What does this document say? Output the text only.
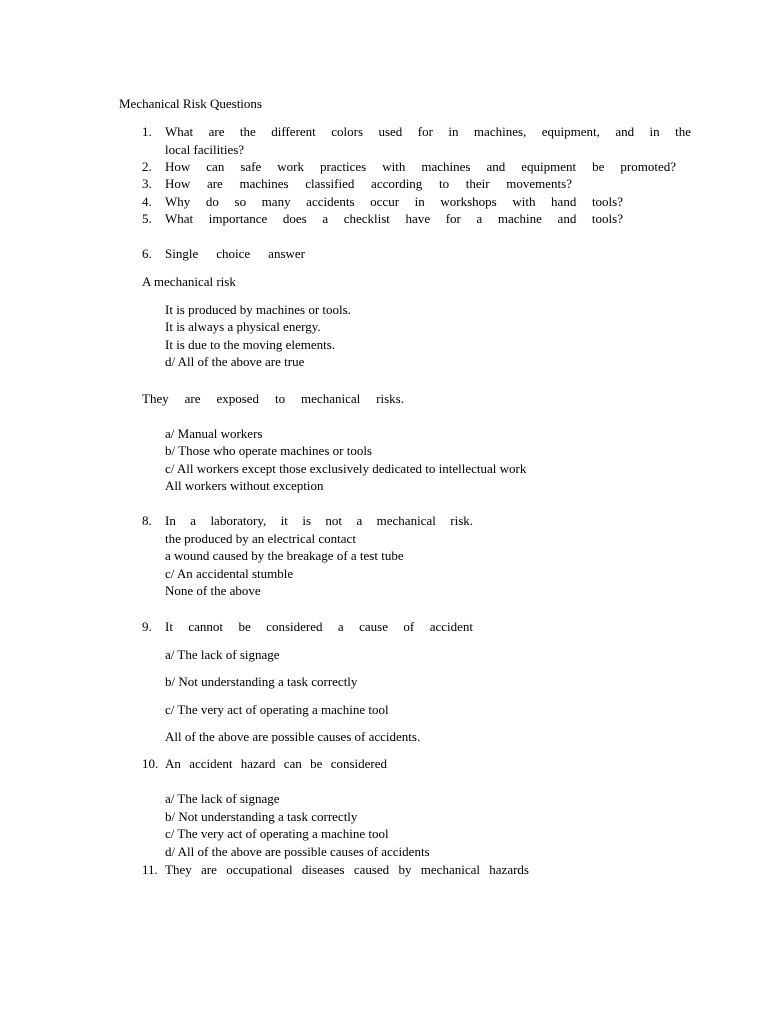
Mechanical Risk Questions
1.	What are the different colors used for in machines, equipment, and in the
local facilities?
2.	How can safe work practices with machines and equipment be promoted?
3.	How are machines classified according to their movements?
4.	Why do so many accidents occur in workshops with hand tools?
5.	What importance does a checklist have for a machine and tools?
6.	Single choice answer
A mechanical risk
It is produced by machines or tools.
It is always a physical energy.
It is due to the moving elements.
d/ All of the above are true
They are exposed to mechanical risks.
a/ Manual workers
b/ Those who operate machines or tools
c/ All workers except those exclusively dedicated to intellectual work
All workers without exception
8.	In a laboratory, it is not a mechanical risk.
the produced by an electrical contact
a wound caused by the breakage of a test tube
c/ An accidental stumble
None of the above
9.	It cannot be considered a cause of accident
a/ The lack of signage
b/ Not understanding a task correctly
c/ The very act of operating a machine tool
All of the above are possible causes of accidents.
10. An accident hazard can be considered
a/ The lack of signage
b/ Not understanding a task correctly
c/ The very act of operating a machine tool
d/ All of the above are possible causes of accidents
11. They are occupational diseases caused by mechanical hazards
